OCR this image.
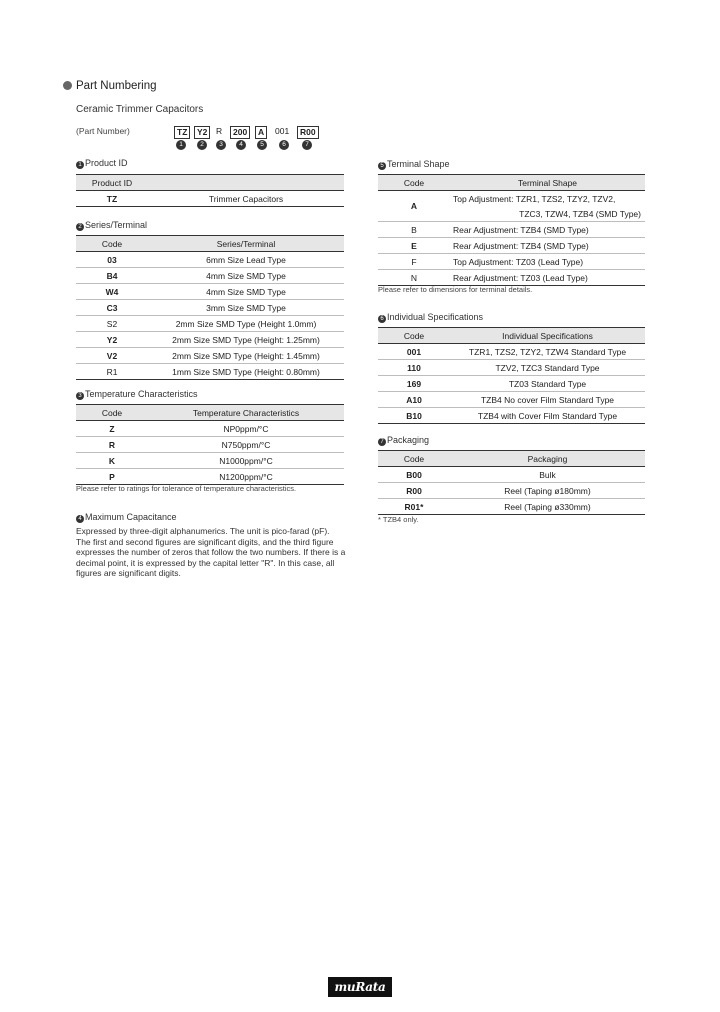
Part Numbering
Ceramic Trimmer Capacitors
(Part Number)	TZ	Y2	R	200	A	001	R00
1	2	3	4	5	6	7
1 Product ID
Product ID	
TZ	Trimmer Capacitors
2 Series/Terminal
Code	Series/Terminal
03	6mm Size Lead Type
B4	4mm Size SMD Type
W4	4mm Size SMD Type
C3	3mm Size SMD Type
S2	2mm Size SMD Type (Height 1.0mm)
Y2	2mm Size SMD Type (Height: 1.25mm)
V2	2mm Size SMD Type (Height: 1.45mm)
R1	1mm Size SMD Type (Height: 0.80mm)
3 Temperature Characteristics
Code	Temperature Characteristics
Z	NP0ppm/°C
R	N750ppm/°C
K	N1000ppm/°C
P	N1200ppm/°C
Please refer to ratings for tolerance of temperature characteristics.
4 Maximum Capacitance
Expressed by three-digit alphanumerics. The unit is pico-farad (pF). The first and second figures are significant digits, and the third figure expresses the number of zeros that follow the two numbers. If there is a decimal point, it is expressed by the capital letter "R". In this case, all figures are significant digits.
5 Terminal Shape
Code	Terminal Shape
A	Top Adjustment: TZR1, TZS2, TZY2, TZV2,
	TZC3, TZW4, TZB4 (SMD Type)
B	Rear Adjustment: TZB4 (SMD Type)
E	Rear Adjustment: TZB4 (SMD Type)
F	Top Adjustment: TZ03 (Lead Type)
N	Rear Adjustment: TZ03 (Lead Type)
Please refer to dimensions for terminal details.
6 Individual Specifications
Code	Individual Specifications
001	TZR1, TZS2, TZY2, TZW4 Standard Type
110	TZV2, TZC3 Standard Type
169	TZ03 Standard Type
A10	TZB4 No cover Film Standard Type
B10	TZB4 with Cover Film Standard Type
7 Packaging
Code	Packaging
B00	Bulk
R00	Reel (Taping ø180mm)
R01*	Reel (Taping ø330mm)
* TZB4 only.
muRata
